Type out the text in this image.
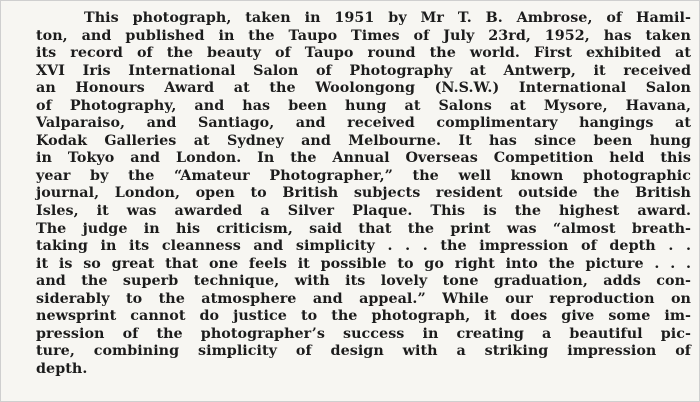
This photograph, taken in 1951 by Mr T. B. Ambrose, of Hamil-
ton, and published in the Taupo Times of July 23rd, 1952, has taken
its record of the beauty of Taupo round the world. First exhibited at
XVI Iris International Salon of Photography at Antwerp, it received
an Honours Award at the Woolongong (N.S.W.) International Salon
of Photography, and has been hung at Salons at Mysore, Havana,
Valparaiso, and Santiago, and received complimentary hangings at
Kodak Galleries at Sydney and Melbourne. It has since been hung
in Tokyo and London. In the Annual Overseas Competition held this
year by the “Amateur Photographer,” the well known photographic
journal, London, open to British subjects resident outside the British
Isles, it was awarded a Silver Plaque. This is the highest award.
The judge in his criticism, said that the print was “almost breath-
taking in its cleanness and simplicity . . . the impression of depth . .
it is so great that one feels it possible to go right into the picture . . .
and the superb technique, with its lovely tone graduation, adds con-
siderably to the atmosphere and appeal.” While our reproduction on
newsprint cannot do justice to the photograph, it does give some im-
pression of the photographer’s success in creating a beautiful pic-
ture, combining simplicity of design with a striking impression of
depth.
